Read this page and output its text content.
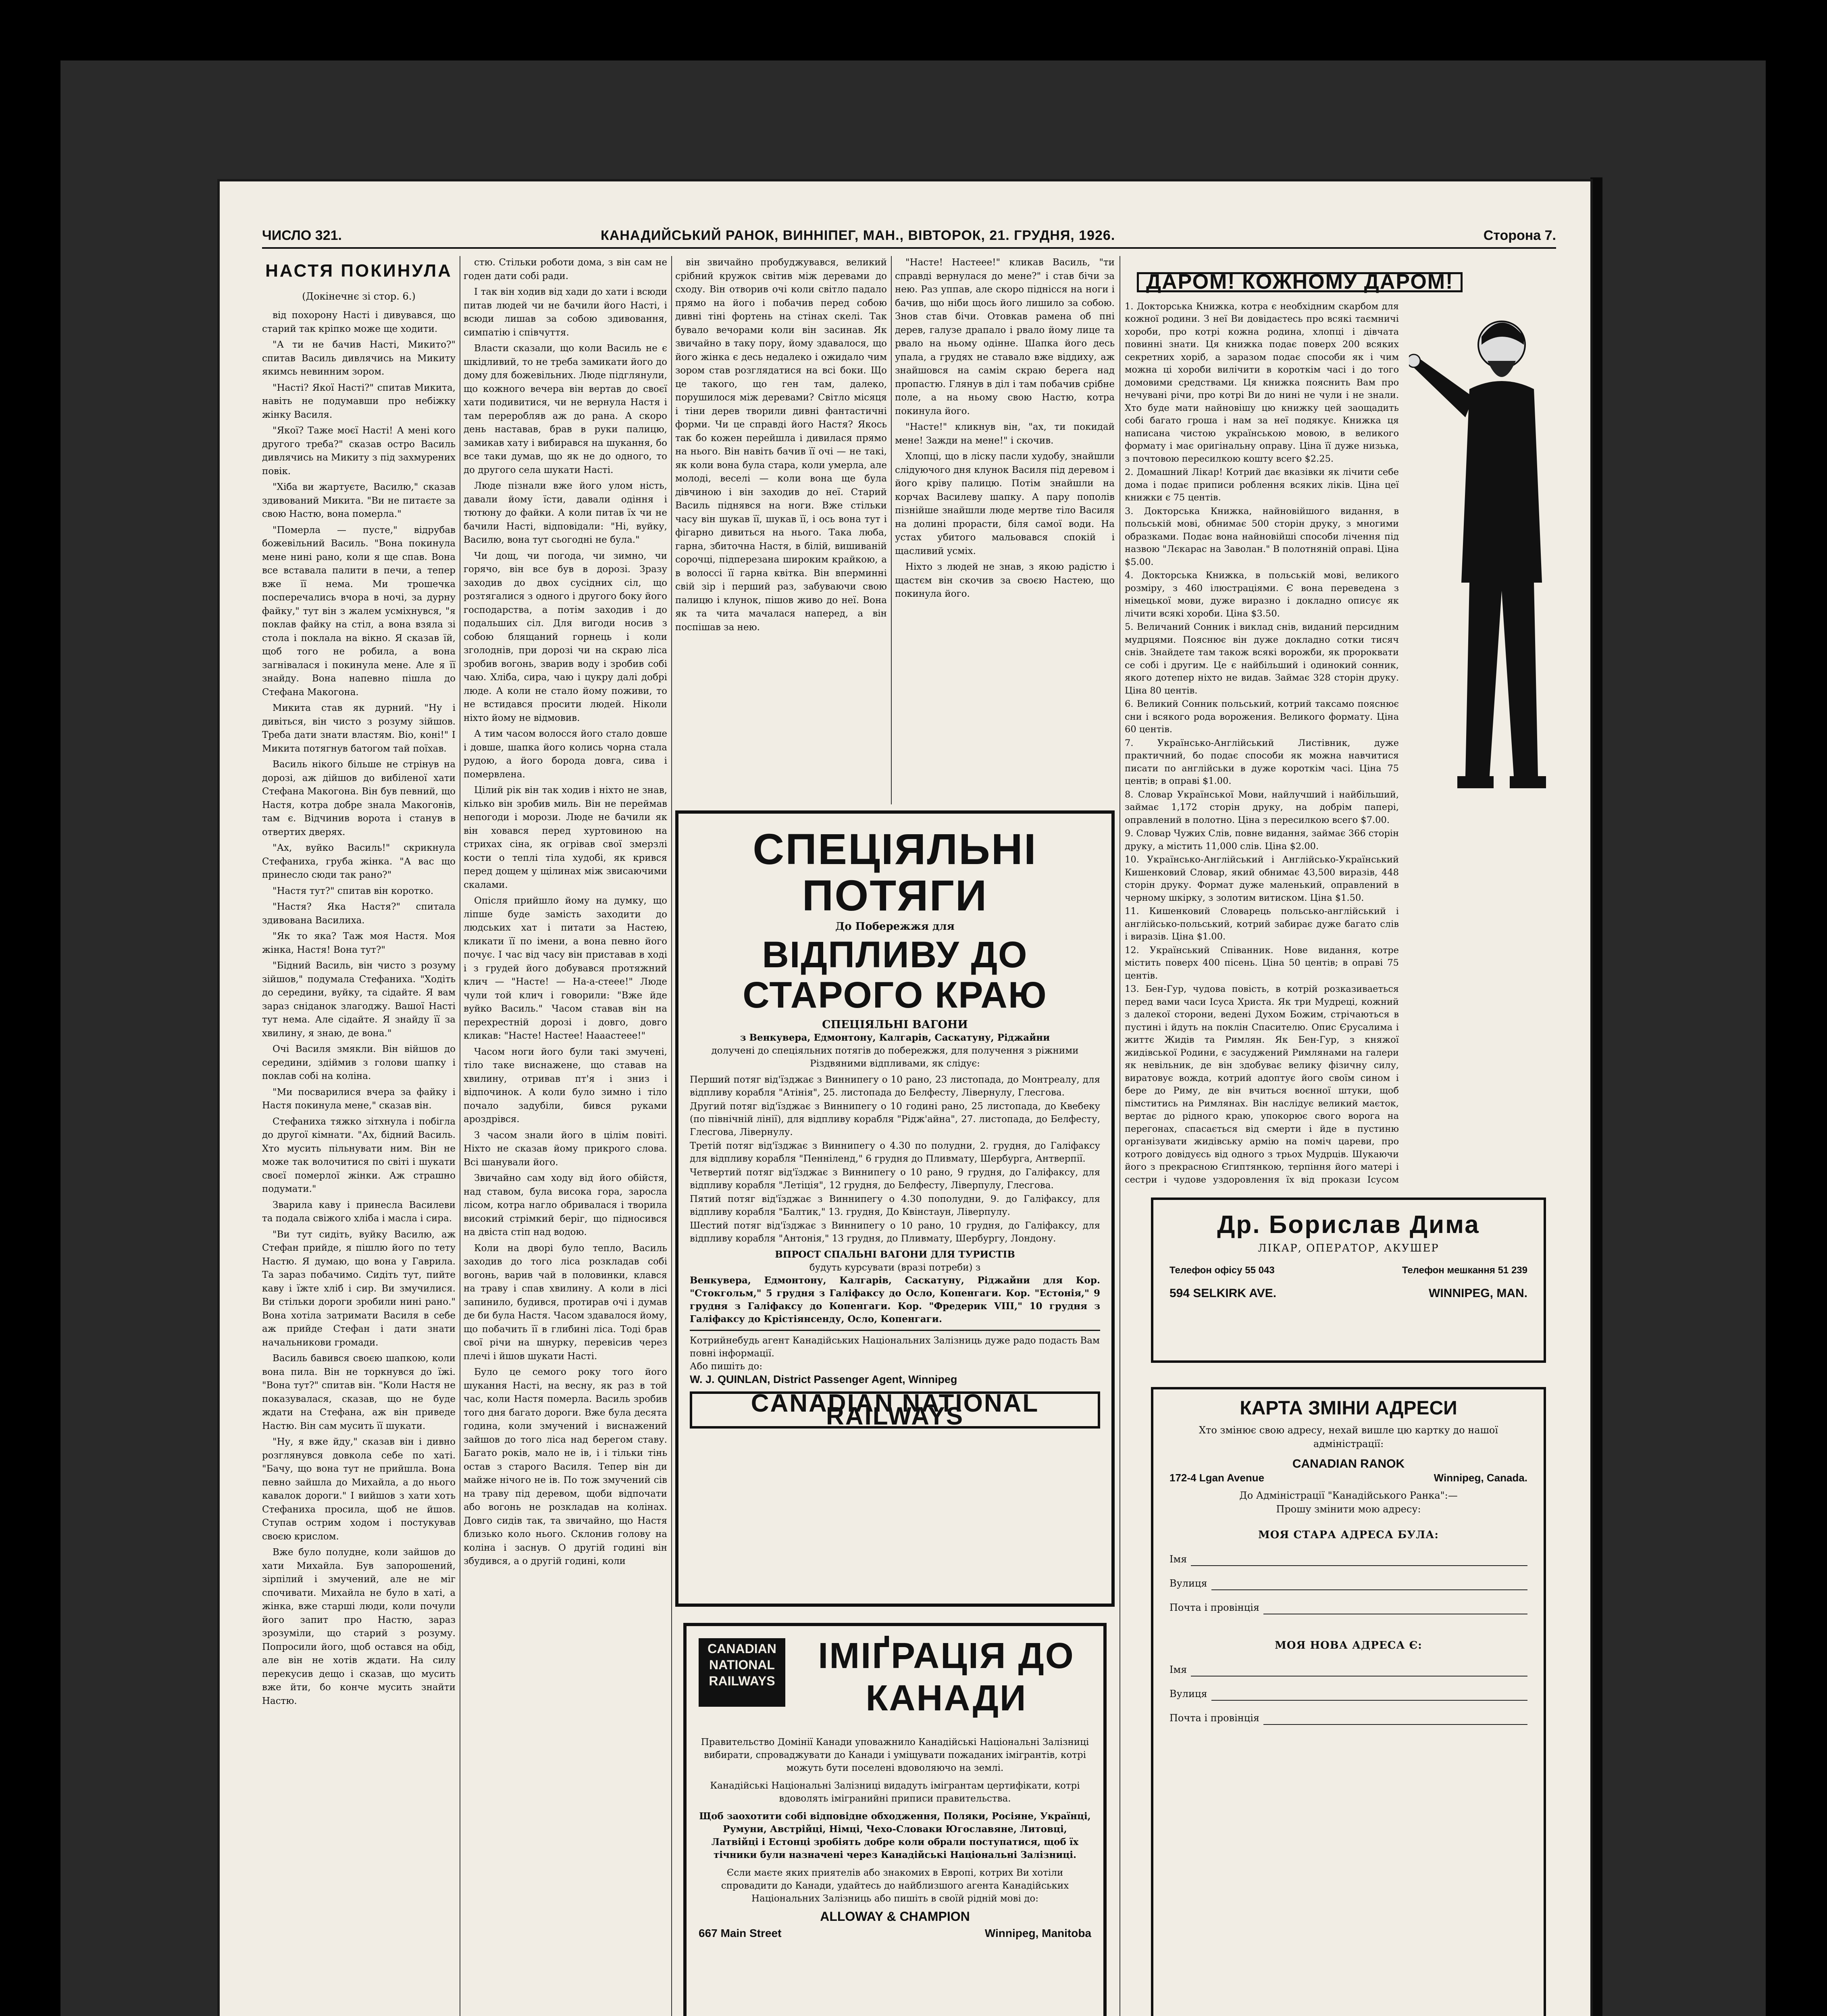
ЧИСЛО 321.	КАНАДИЙСЬКИЙ РАНОК, ВИННІПЕГ, МАН., ВІВТОРОК, 21. ГРУДНЯ, 1926.	Сторона 7.
НАСТЯ ПОКИНУЛА
(Докінечнє зі стор. 6.)

від похорону Насті і дивувався, що старий так кріпко може ще ходити.

"А ти не бачив Насті, Микито?" спитав Василь дивлячись на Микиту якимсь невинним зором.

"Насті? Якої Насті?" спитав Микита, навіть не подумавши про небіжку жінку Василя.

"Якої? Таже моєї Насті! А мені кого другого треба?" сказав остро Василь дивлячись на Микиту з під захмурених повік.

"Хіба ви жартуєте, Василю," сказав здивований Микита. "Ви не питаєте за свою Настю, вона померла."

"Померла — пусте," відрубав божевільний Василь. "Вона покинула мене нині рано, коли я ще спав. Вона все вставала палити в печи, а тепер вже її нема. Ми трошечка посперечались вчора в ночі, за дурну файку," тут він з жалем усміхнувся, "я поклав файку на стіл, а вона взяла зі стола і поклала на вікно. Я сказав їй, щоб того не робила, а вона загнівалася і покинула мене. Але я її знайду. Вона напевно пішла до Стефана Макогона.

Микита став як дурний. "Ну і дивіться, він чисто з розуму зійшов. Треба дати знати властям. Віо, коні!" І Микита потягнув батогом тай поїхав.

Василь нікого більше не стрінув на дорозі, аж дійшов до вибіленої хати Стефана Макогона. Він був певний, що Настя, котра добре знала Макогонів, там є. Відчинив ворота і станув в отвертих дверях.

"Ах, вуйко Василь!" скрикнула Стефаниха, груба жінка. "А вас що принесло сюди так рано?"

"Настя тут?" спитав він коротко.

"Настя? Яка Настя?" спитала здивована Василиха.

"Як то яка? Таж моя Настя. Моя жінка, Настя! Вона тут?"

"Бідний Василь, він чисто з розуму зійшов," подумала Стефаниха. "Ходіть до середини, вуйку, та сідайте. Я вам зараз сніданок злагоджу. Вашої Насті тут нема. Але сідайте. Я знайду її за хвилину, я знаю, де вона."

Очі Василя змякли. Він війшов до середини, здіймив з голови шапку і поклав собі на коліна.

"Ми посварилися вчера за файку і Настя покинула мене," сказав він.

Стефаниха тяжко зітхнула і побігла до другої кімнати. "Ах, бідний Василь. Хто мусить пільнувати ним. Він не може так волочитися по світі і шукати своєї померлої жінки. Аж страшно подумати."

Зварила каву і принесла Василеви та подала свіжого хліба і масла і сира.

"Ви тут сидіть, вуйку Василю, аж Стефан прийде, я пішлю його по тету Настю. Я думаю, що вона у Гаврила. Та зараз побачимо. Сидіть тут, пийте каву і їжте хліб і сир. Ви змучилися. Ви стільки дороги зробили нині рано." Вона хотіла затримати Василя в себе аж прийде Стефан і дати знати начальникови громади.

Василь бавився своєю шапкою, коли вона пила. Він не торкнувся до їжі. "Вона тут?" спитав він. "Коли Настя не показувалася, сказав, що не буде ждати на Стефана, аж він приведе Настю. Він сам мусить її шукати.

"Ну, я вже йду," сказав він і дивно розглянувся довкола себе по хаті. "Бачу, що вона тут не прийшла. Вона певно зайшла до Михайла, а до нього кавалок дороги." І вийшов з хати хоть Стефаниха просила, щоб не йшов. Ступав острим ходом і постукував своєю крислом.

Вже було полудне, коли зайшов до хати Михайла. Був запорошений, зірпілий і змучений, але не міг спочивати. Михайла не було в хаті, а жінка, вже старші люди, коли почули його запит про Настю, зараз зрозуміли, що старий з розуму. Попросили його, щоб остався на обід, але він не хотів ждати. На силу перекусив дещо і сказав, що мусить вже йти, бо конче мусить знайти Настю.

стю. Стільки роботи дома, з він сам не годен дати собі ради.

І так він ходив від хади до хати і всюди питав людей чи не бачили його Насті, і всюди лишав за собою здивовання, симпатію і співчуття.

Власти сказали, що коли Василь не є шкідливий, то не треба замикати його до дому для божевільних. Люде підглянули, що кожного вечера він вертав до своєї хати подивитися, чи не вернула Настя і там переробляв аж до рана. А скоро день наставав, брав в руки палицю, замикав хату і вибирався на шукання, бо все таки думав, що як не до одного, то до другого села шукати Насті.

Люде пізнали вже його улом ність, давали йому їсти, давали одіння і тютюну до файки. А коли питав їх чи не бачили Насті, відповідали: "Ні, вуйку, Василю, вона тут сьогодні не була."

Чи дощ, чи погода, чи зимно, чи горячо, він все був в дорозі. Зразу заходив до двох сусідних сіл, що розтягалися з одного і другого боку його господарства, а потім заходив і до подальших сіл. Для вигоди носив з собою блящаний горнець і коли зголоднів, при дорозі чи на скраю ліса зробив вогонь, зварив воду і зробив собі чаю. Хліба, сира, чаю і цукру далі добрі люде. А коли не стало йому поживи, то не встидався просити людей. Ніколи ніхто йому не відмовив.

А тим часом волосся його стало довше і довше, шапка його колись чорна стала рудою, а його борода довга, сива і помервлена.

Цілий рік він так ходив і ніхто не знав, кілько він зробив миль. Він не переймав непогоди і морози. Люде не бачили як він ховався перед хуртовиною на стрихах сіна, як огрівав свої змерзлі кости о теплі тіла худобі, як крився перед дощем у щілинах між звисаючими скалами.

Опісля прийшло йому на думку, що ліпше буде замість заходити до людських хат і питати за Настею, кликати її по імени, а вона певно його почує. І час від часу він приставав в ході і з грудей його добувався протяжний клич — "Насте! — На-а-стеее!" Люде чули той клич і говорили: "Вже йде вуйко Василь." Часом ставав він на перехрестній дорозі і довго, довго кликав: "Насте! Настее! Наааcтеее!"

Часом ноги його були такі змучені, тіло таке виснажене, що ставав на хвилину, отривав пт'я і зниз і відпочинок. А коли було зимно і тіло почало задубіли, бився руками ароздрівся.

З часом знали його в цілім повіті. Ніхто не сказав йому прикрого слова. Всі шанували його.

Звичайно сам ходу від його обійстя, над ставом, була висока гора, заросла лісом, котра нагло обривалася і творила високий стрімкий беріг, що підносився на двіста стіп над водою.

Коли на дворі було тепло, Василь заходив до того ліса розкладав собі вогонь, варив чай в половинки, клався на траву і спав хвилину. А коли в лісі запинило, будився, протирав очі і думав де би була Настя. Часом здавалося йому, що побачить її в глибині ліса. Тоді брав свої річи на шнурку, перевісив через плечі і йшов шукати Насті.

Було це семого року того його шукання Насті, на весну, як раз в той час, коли Настя померла. Василь зробив того дня багато дороги. Вже була десята година, коли змучений і виснажений зайшов до того ліса над берегом ставу. Багато років, мало не ів, і і тільки тінь остав з старого Василя. Тепер він ди майже нічого не ів. По тож змучений сів на траву під деревом, щоби відпочати або вогонь не розкладав на колінах. Довго сидів так, та звичайно, що Настя близько коло нього. Склонив голову на коліна і заснув. О другій годині він збудився, а о другій годині, коли

він звичайно пробуджувався, великий срібний кружок світив між деревами до сходу. Він отворив очі коли світло падало прямо на його і побачив перед собою дивні тіні фортень на стінах скелі. Так бувало вечорами коли він засинав. Як звичайно в таку пору, йому здавалося, що його жінка є десь недалеко і ожидало чим зором став розглядатися на всі боки. Що це такого, що ген там, далеко, порушилося між деревами? Світло місяця і тіни дерев творили дивні фантастичні форми. Чи це справді його Настя? Якось так бо кожен перейшла і дивилася прямо на нього. Він навіть бачив її очі — не такі, як коли вона була стара, коли умерла, але молоді, веселі — коли вона ще була дівчиною і він заходив до неї. Старий Василь піднявся на ноги. Вже стільки часу він шукав її, шукав її, і ось вона тут і фігарно дивиться на нього. Така люба, гарна, збиточна Настя, в білій, вишиваній сорочці, підперезана широким крайкою, а в волоссі її гарна квітка. Він вперминні свій зір і перший раз, забуваючи свою палицю і клунок, пішов живо до неї. Вона як та чита мачалася наперед, а він поспішав за нею.

"Насте! Настеее!" кликав Василь, "ти справді вернулася до мене?" і став бічи за нею. Раз уппав, але скоро піднісся на ноги і бачив, що ніби щось його лишило за собою. Знов став бічи. Отовкав рамена об пні дерев, галузе драпало і рвало йому лице та рвало на ньому одінне. Шапка його десь упала, а грудях не ставало вже віддиху, аж знайшовся на самім скраю берега над пропастю. Глянув в діл і там побачив срібне поле, а на ньому свою Настю, котра покинула його.

"Насте!" кликнув він, "ах, ти покидай мене! Зажди на мене!" і скочив.

Хлопці, що в ліску пасли худобу, знайшли слідуючого дня клунок Василя під деревом і його кріву палицю. Потім знайшли на корчах Василеву шапку. А пару пополів пізнійше знайшли люде мертве тіло Василя на долині прорасти, біля самої води. На устах убитого мальовався спокій і щасливий усміх.

Ніхто з людей не знав, з якою радістю і щастєм він скочив за своєю Настею, що покинула його.

СПЕЦІЯЛЬНІ ПОТЯГИ
До Побережжя для
ВІДПЛИВУ ДО СТАРОГО КРАЮ
СПЕЦІЯЛЬНІ ВАГОНИ
з Венкувера, Едмонтону, Калгарів, Саскатуну, Ріджайни
долучені до спеціяльних потягів до побережжя, для получення з ріжними Різдвяними відпливами, як слідує:

Перший потяг від'їзджає з Виннипегу о 10 рано, 23 листопада, до Монтреалу, для відпливу корабля "Атінія", 25. листопада до Белфесту, Лівернулу, Глесгова.

Другий потяг від'їзджає з Виннипегу о 10 годині рано, 25 листопада, до Квебеку (по північній лінії), для відпливу корабля "Рідж'айна", 27. листопада, до Белфесту, Глесгова, Лівернулу.

Третій потяг від'їзджає з Виннипегу о 4.30 по полудни, 2. грудня, до Галіфаксу для відпливу корабля "Пенніленд," 6 грудня до Пливмату, Шербурга, Антверпії.

Четвертий потяг від'їзджає з Виннипегу о 10 рано, 9 грудня, до Галіфаксу, для відпливу корабля "Летіція", 12 грудня, до Белфесту, Ліверпулу, Глесгова.

Пятий потяг від'їзджає з Виннипегу о 4.30 пополудни, 9. до Галіфаксу, для відпливу корабля "Балтик," 13. грудня, До Квінстаун, Ліверпулу.

Шестий потяг від'їзджає з Виннипегу о 10 рано, 10 грудня, до Галіфаксу, для відпливу корабля "Антонія," 13 грудня, до Пливмату, Шербургу, Лондону.

ВПРОСТ СПАЛЬНІ ВАГОНИ ДЛЯ ТУРИСТІВ
будуть курсувати (вразі потреби) з

Венкувера, Едмонтону, Калгарів, Саскатуну, Ріджайни для Кор. "Стокгольм," 5 грудня з Галіфаксу до Осло, Копенгаги. Кор. "Естонія," 9 грудня з Галіфаксу до Копенгаги. Кор. "Фредерик VIII," 10 грудня з Галіфаксу до Крістіянсенду, Осло, Копенгаги.

Котрийнебудь агент Канадійських Національних Залізниць дуже радо подасть Вам повні інформації.
Або пишіть до:
W. J. QUINLAN, District Passenger Agent, Winnipeg
CANADIAN NATIONAL RAILWAYS
CANADIAN NATIONAL RAILWAYS
ІМІҐРАЦІЯ ДО КАНАДИ

Правительство Домінії Канади уповажнило Канадійські Національні Залізниці вибирати, спроваджувати до Канади і уміщувати пожаданих імігрантів, котрі можуть бути поселені вдоволяючо на землі.

Канадійські Національні Залізниці видадуть імігрантам цертифікати, котрі вдоволять імігранийні приписи правительства.

Щоб заохотити собі відповідне обходження, Поляки, Росіяне, Українці, Румуни, Австрійці, Німці, Чехо-Словаки Югославяне, Литовці, Латвійці і Естонці зробіять добре коли обрали поступатися, щоб їх тічники були назначені через Канадійські Національні Залізниці.

Єсли маєте яких приятелів або знакомих в Европі, котрих Ви хотіли спровадити до Канади, удайтесь до найблизшого агента Канадійських Національних Залізниць або пишіть в своїй рідній мові до:

ALLOWAY & CHAMPION
667 Main Street	Winnipeg, Manitoba
ДАРОМ! КОЖНОМУ ДАРОМ!

1. Докторська Книжка, котра є необхідним скарбом для кожної родини. З неї Ви довідаєтесь про всякі таємничі хороби, про котрі кожна родина, хлопці і дівчата повинні знати. Ця книжка подає поверх 200 всяких секретних хоріб, а заразом подає способи як і чим можна ці хороби вилічити в короткім часі і до того домовими средствами. Ця книжка пояснить Вам про нечувані річи, про котрі Ви до нині не чули і не знали. Хто буде мати найновішу цю книжку цей заощадить собі багато гроша і нам за неї подякує. Книжка ця написана чистою українською мовою, в великого формату і має оригінальну оправу. Ціна її дуже низька, з почтовою пересилкою кошту всего $2.25.

2. Домашний Лікар! Котрий дає вказівки як лічити себе дома і подає приписи роблення всяких ліків. Ціна цеї книжки є 75 центів.

3. Докторська Книжка, найновійшого видання, в польській мові, обнимає 500 сторін друку, з многими образками. Подає вона найновійші способи лічення під назвою "Лєкарас на Заволан." В полотняній оправі. Ціна $5.00.

4. Докторська Книжка, в польській мові, великого розміру, з 460 ілюстраціями. Є вона переведена з німецької мови, дуже виразно і докладно описує як лічити всякі хороби. Ціна $3.50.

5. Величаний Сонник і виклад снів, виданий персидним мудрцями. Пояснює він дуже докладно сотки тисяч снів. Знайдете там також всякі ворожби, як пророквати се собі і другим. Це є найбільший і одинокий сонник, якого дотепер ніхто не видав. Займає 328 сторін друку. Ціна 80 центів.

6. Великий Сонник польський, котрий таксамо пояснює сни і всякого рода ворожения. Великого формату. Ціна 60 центів.

7. Українсько-Англійський Листівник, дуже практичний, бо подає способи як можна навчитися писати по англійськи в дуже короткім часі. Ціна 75 центів; в оправі $1.00.

8. Словар Української Мови, найлучший і найбільший, займає 1,172 сторін друку, на добрім папері, оправлений в полотно. Ціна з пересилкою всего $7.00.

9. Словар Чужих Слів, повне видання, займає 366 сторін друку, а містить 11,000 слів. Ціна $2.00.

10. Українсько-Англійський і Англійсько-Український Кишенковий Словар, який обнимає 43,500 виразів, 448 сторін друку. Формат дуже маленький, оправлений в черному шкірку, з золотим витиском. Ціна $1.50.

11. Кишенковий Словарець польсько-англійський і англійсько-польський, котрий забирає дуже багато слів і виразів. Ціна $1.00.

12. Український Співанник. Нове видання, котре містить поверх 400 пісень. Ціна 50 центів; в оправі 75 центів.

13. Бен-Гур, чудова повість, в котрій розказиваеться перед вами часи Ісуса Христа. Як три Мудреці, кожний з далекої сторони, ведені Духом Божим, стрічаються в пустині і йдуть на поклін Спасителю. Опис Єрусалима і життє Жидів та Римлян. Як Бен-Гур, з княжої жидівської Родини, є засуджений Римлянами на галери як невільник, де він здобуває велику фізичну силу, виратовує вожда, котрий адоптує його своїм сином і бере до Риму, де він вчиться воєнної штуки, щоб пімститись на Римлянах. Він наслідує великий маєток, вертає до рідного краю, упокорює свого ворога на перегонах, спасається від смерти і йде в пустиню організувати жидівську армію на поміч цареви, про котрого довідуєсь від одного з трьох Мудрців. Шукаючи його з прекрасною Єгиптянкою, терпіння його матері і сестри і чудове уздоровлення їх від прокази Ісусом

Др. Бориcлав Дима
ЛІКАР, ОПЕРАТОР, АКУШЕР
Телефон офісу 55 043	Телефон мешкання 51 239
594 SELKIRK AVE.	WINNIPEG, MAN.
КАРТА ЗМІНИ АДРЕСИ

Хто змінює свою адресу, нехай вишле цю картку до нашої адміністрації:

CANADIAN RANOK
172-4 Lgan Avenue	Winnipeg, Canada.

До Адміністрації "Канадійського Ранка":—

Прошу змінити мою адресу:

МОЯ СТАРА АДРЕСА БУЛА:
Імя
Вулиця
Почта і провінція
МОЯ НОВА АДРЕСА Є:
Імя
Вулиця
Почта і провінція
